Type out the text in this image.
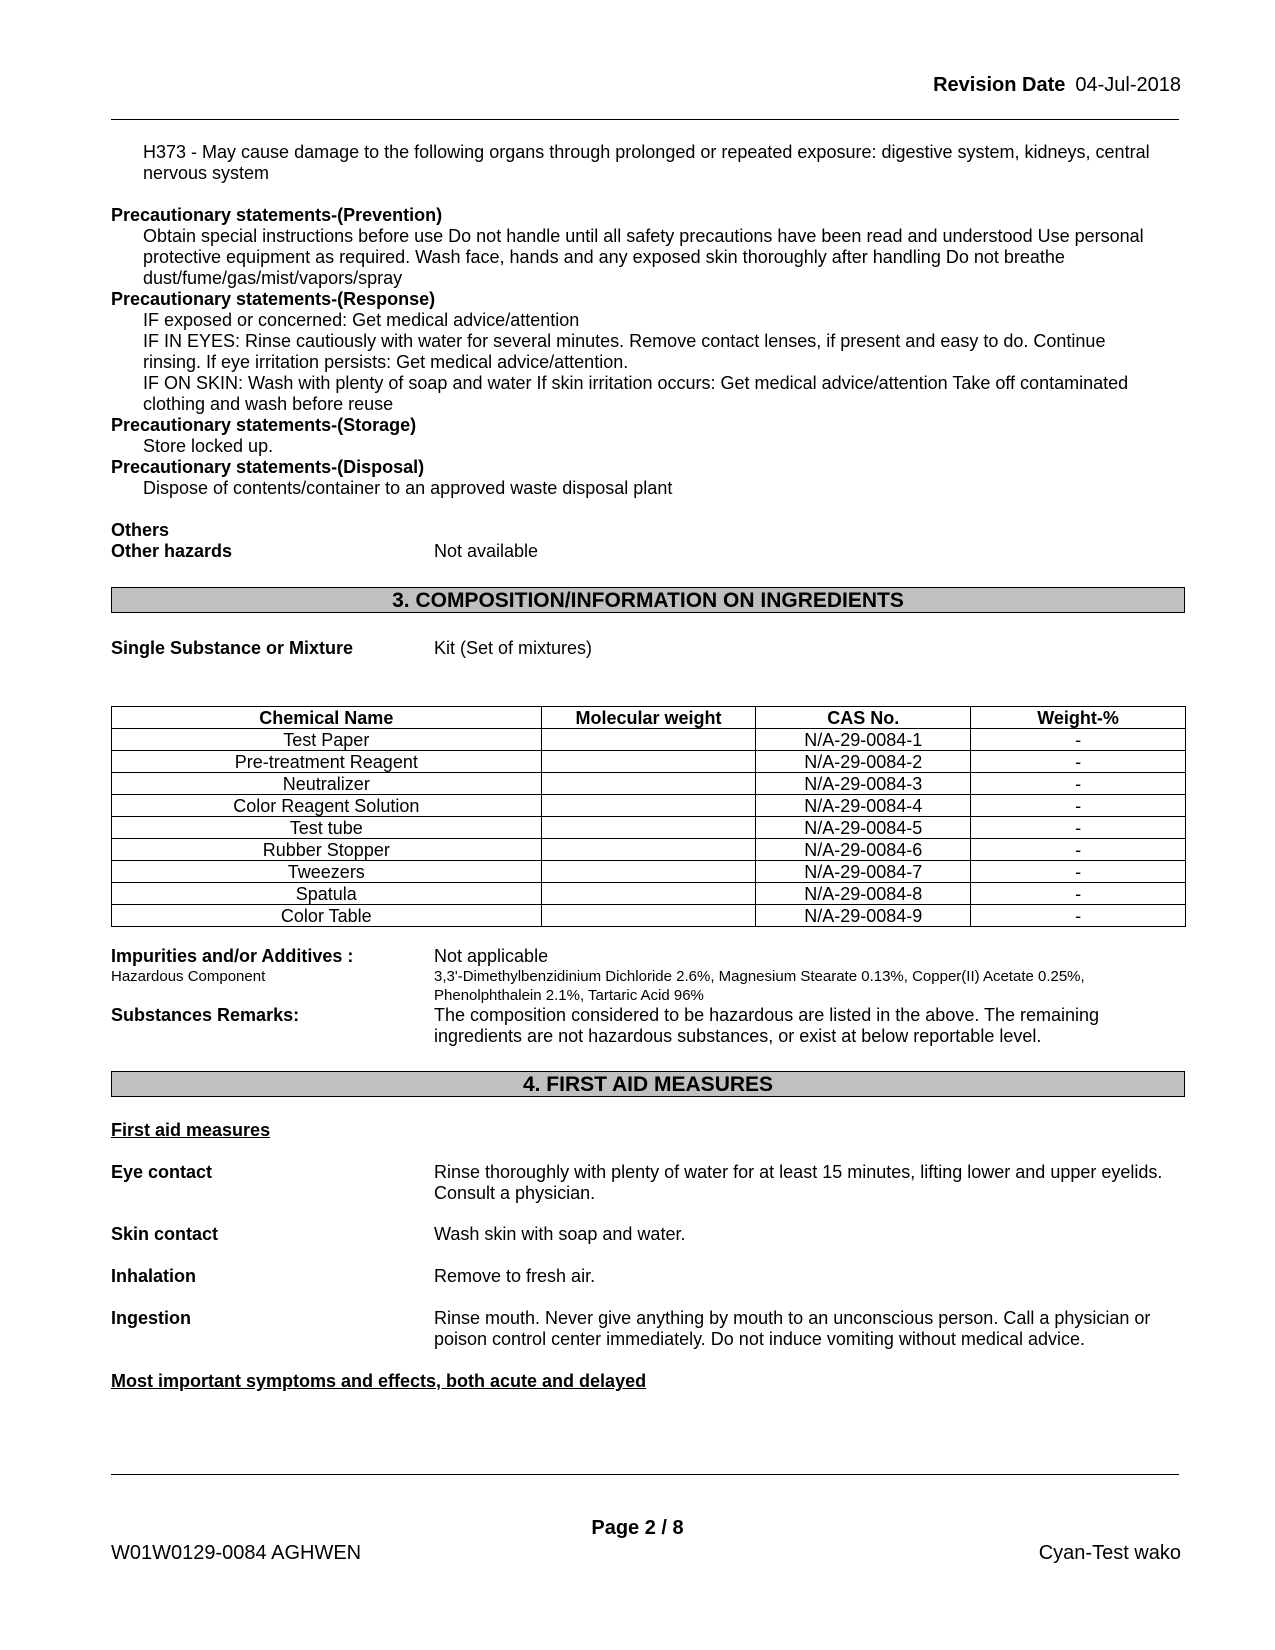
Revision Date 04-Jul-2018
H373 - May cause damage to the following organs through prolonged or repeated exposure: digestive system, kidneys, central
nervous system
Precautionary statements-(Prevention)
Obtain special instructions before use Do not handle until all safety precautions have been read and understood Use personal
protective equipment as required. Wash face, hands and any exposed skin thoroughly after handling Do not breathe
dust/fume/gas/mist/vapors/spray
Precautionary statements-(Response)
IF exposed or concerned: Get medical advice/attention
IF IN EYES: Rinse cautiously with water for several minutes. Remove contact lenses, if present and easy to do. Continue
rinsing. If eye irritation persists: Get medical advice/attention.
IF ON SKIN: Wash with plenty of soap and water If skin irritation occurs: Get medical advice/attention Take off contaminated
clothing and wash before reuse
Precautionary statements-(Storage)
Store locked up.
Precautionary statements-(Disposal)
Dispose of contents/container to an approved waste disposal plant
Others
Other hazards	Not available
3. COMPOSITION/INFORMATION ON INGREDIENTS
Single Substance or Mixture	Kit (Set of mixtures)
Chemical Name	Molecular weight	CAS No.	Weight-%
Test Paper		N/A-29-0084-1	-
Pre-treatment Reagent		N/A-29-0084-2	-
Neutralizer		N/A-29-0084-3	-
Color Reagent Solution		N/A-29-0084-4	-
Test tube		N/A-29-0084-5	-
Rubber Stopper		N/A-29-0084-6	-
Tweezers		N/A-29-0084-7	-
Spatula		N/A-29-0084-8	-
Color Table		N/A-29-0084-9	-
Impurities and/or Additives :	Not applicable
Hazardous Component	3,3'-Dimethylbenzidinium Dichloride 2.6%, Magnesium Stearate 0.13%, Copper(II) Acetate 0.25%,
Phenolphthalein 2.1%, Tartaric Acid 96%
Substances Remarks:	The composition considered to be hazardous are listed in the above. The remaining
ingredients are not hazardous substances, or exist at below reportable level.
4. FIRST AID MEASURES
First aid measures
Eye contact	Rinse thoroughly with plenty of water for at least 15 minutes, lifting lower and upper eyelids.
Consult a physician.
Skin contact	Wash skin with soap and water.
Inhalation	Remove to fresh air.
Ingestion	Rinse mouth. Never give anything by mouth to an unconscious person. Call a physician or
poison control center immediately. Do not induce vomiting without medical advice.
Most important symptoms and effects, both acute and delayed
Page 2 / 8
W01W0129-0084 AGHWEN	Cyan-Test wako
